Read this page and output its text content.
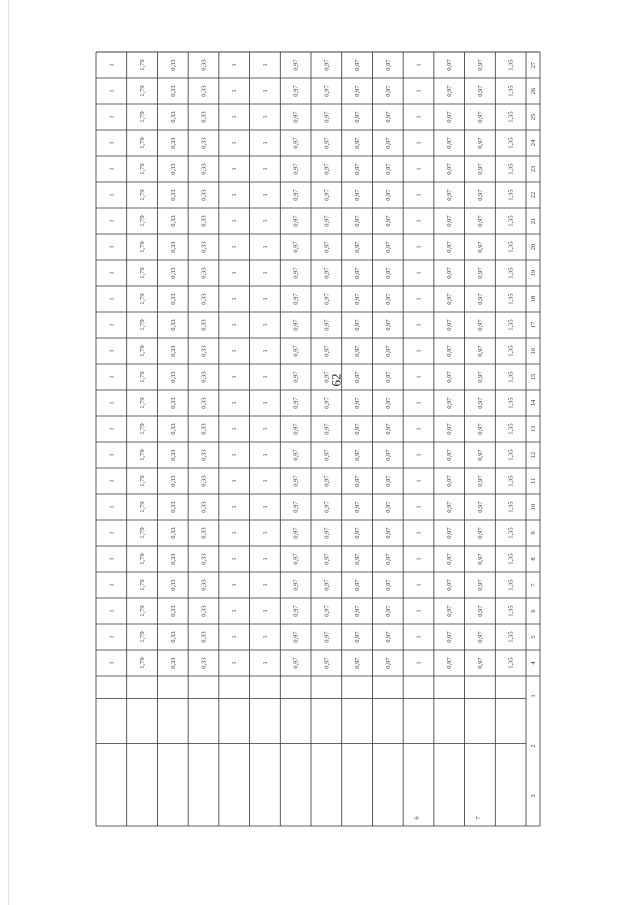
62
27
26
25
24
23
22
21
20
19
18
17
16
15
14
13
12
11
10
9
8
7
6
5
4
1
2
3
6	7
1,35
1,35
1,35
1,35
1,35
1,35
1,35
1,35
1,35
1,35
1,35
1,35
1,35
1,35
1,35
1,35
1,35
1,35
1,35
1,35
1,35
1,35
1,35
1,35
0,97
0,97
0,97
0,97
0,97
0,97
0,97
0,97
0,97
0,97
0,97
0,97
0,97
0,97
0,97
0,97
0,97
0,97
0,97
0,97
0,97
0,97
0,97
0,97
0,97
0,97
0,97
0,97
0,97
0,97
0,97
0,97
0,97
0,97
0,97
0,97
0,97
0,97
0,97
0,97
0,97
0,97
0,97
0,97
0,97
0,97
0,97
0,97
1
1
1
1
1
1
1
1
1
1
1
1
1
1
1
1
1
1
1
1
1
1
1
1
0,97
0,97
0,97
0,97
0,97
0,97
0,97
0,97
0,97
0,97
0,97
0,97
0,97
0,97
0,97
0,97
0,97
0,97
0,97
0,97
0,97
0,97
0,97
0,97
0,97
0,97
0,97
0,97
0,97
0,97
0,97
0,97
0,97
0,97
0,97
0,97
0,97
0,97
0,97
0,97
0,97
0,97
0,97
0,97
0,97
0,97
0,97
0,97
0,97
0,97
0,97
0,97
0,97
0,97
0,97
0,97
0,97
0,97
0,97
0,97
0,97
0,97
0,97
0,97
0,97
0,97
0,97
0,97
0,97
0,97
0,97
0,97
0,97
0,97
0,97
0,97
0,97
0,97
0,97
0,97
0,97
0,97
0,97
0,97
0,97
0,97
0,97
0,97
0,97
0,97
0,97
0,97
0,97
0,97
0,97
0,97
1
1
1
1
1
1
1
1
1
1
1
1
1
1
1
1
1
1
1
1
1
1
1
1
1
1
1
1
1
1
1
1
1
1
1
1
1
1
1
1
1
1
1
1
1
1
1
1
0,33
0,33
0,33
0,33
0,33
0,33
0,33
0,33
0,33
0,33
0,33
0,33
0,33
0,33
0,33
0,33
0,33
0,33
0,33
0,33
0,33
0,33
0,33
0,33
0,33
0,33
0,33
0,33
0,33
0,33
0,33
0,33
0,33
0,33
0,33
0,33
0,33
0,33
0,33
0,33
0,33
0,33
0,33
0,33
0,33
0,33
0,33
0,33
1,79
1,79
1,79
1,79
1,79
1,79
1,79
1,79
1,79
1,79
1,79
1,79
1,79
1,79
1,79
1,79
1,79
1,79
1,79
1,79
1,79
1,79
1,79
1,79
1
1
1
1
1
1
1
1
1
1
1
1
1
1
1
1
1
1
1
1
1
1
1
1
